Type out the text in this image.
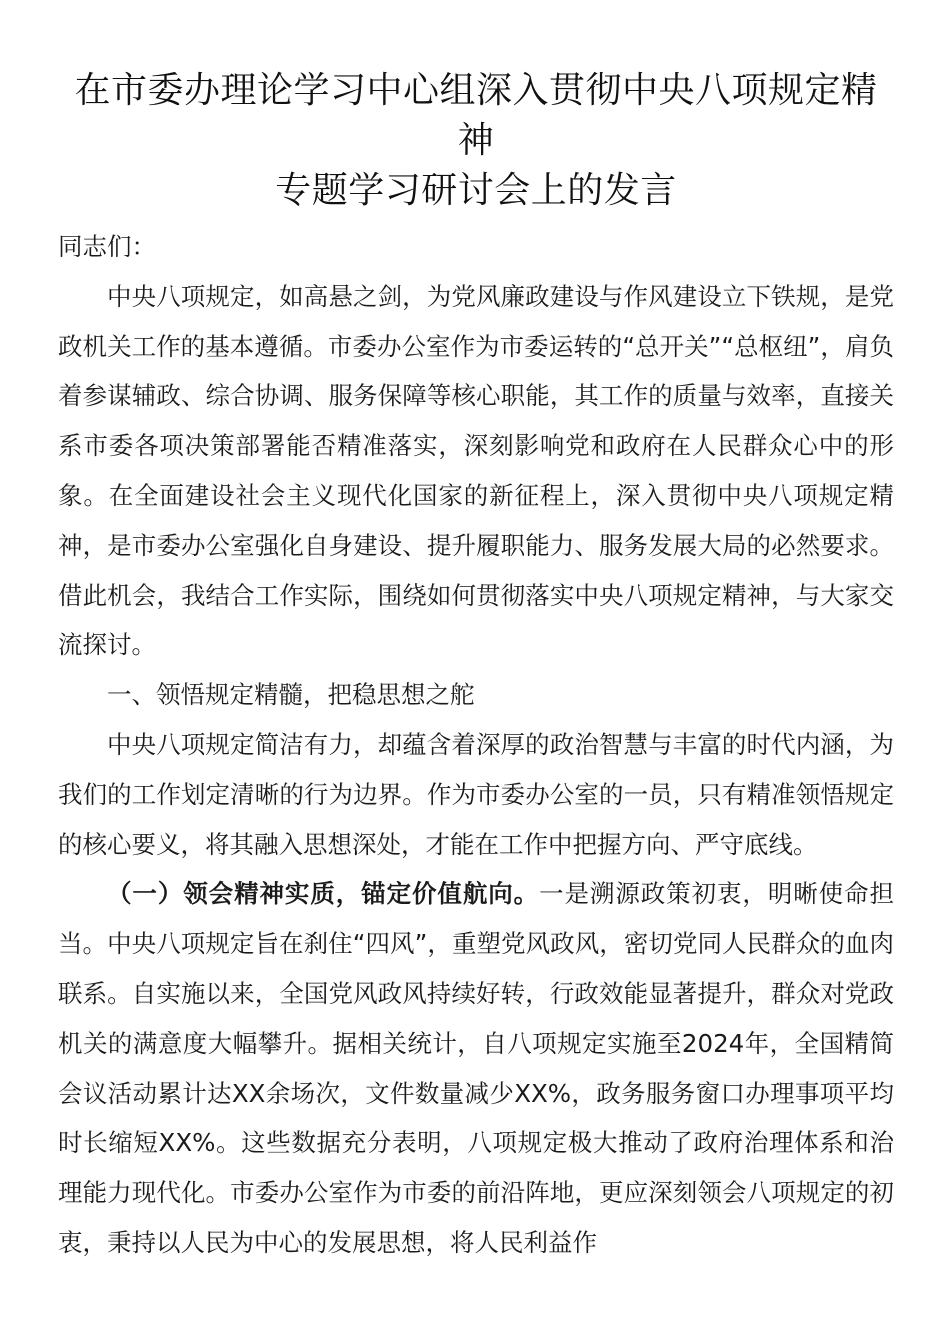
在市委办理论学习中心组深入贯彻中央八项规定精神
专题学习研讨会上的发言

同志们：

中央八项规定，如高悬之剑，为党风廉政建设与作风建设立下铁规，是党政机关工作的基本遵循。市委办公室作为市委运转的“总开关”“总枢纽”，肩负着参谋辅政、综合协调、服务保障等核心职能，其工作的质量与效率，直接关系市委各项决策部署能否精准落实，深刻影响党和政府在人民群众心中的形象。在全面建设社会主义现代化国家的新征程上，深入贯彻中央八项规定精神，是市委办公室强化自身建设、提升履职能力、服务发展大局的必然要求。借此机会，我结合工作实际，围绕如何贯彻落实中央八项规定精神，与大家交流探讨。

一、领悟规定精髓，把稳思想之舵

中央八项规定简洁有力，却蕴含着深厚的政治智慧与丰富的时代内涵，为我们的工作划定清晰的行为边界。作为市委办公室的一员，只有精准领悟规定的核心要义，将其融入思想深处，才能在工作中把握方向、严守底线。

（一）领会精神实质，锚定价值航向。一是溯源政策初衷，明晰使命担当。中央八项规定旨在刹住“四风”，重塑党风政风，密切党同人民群众的血肉联系。自实施以来，全国党风政风持续好转，行政效能显著提升，群众对党政机关的满意度大幅攀升。据相关统计，自八项规定实施至2024年，全国精简会议活动累计达XX余场次，文件数量减少XX%，政务服务窗口办理事项平均时长缩短XX%。这些数据充分表明，八项规定极大推动了政府治理体系和治理能力现代化。市委办公室作为市委的前沿阵地，更应深刻领会八项规定的初衷，秉持以人民为中心的发展思想，将人民利益作
